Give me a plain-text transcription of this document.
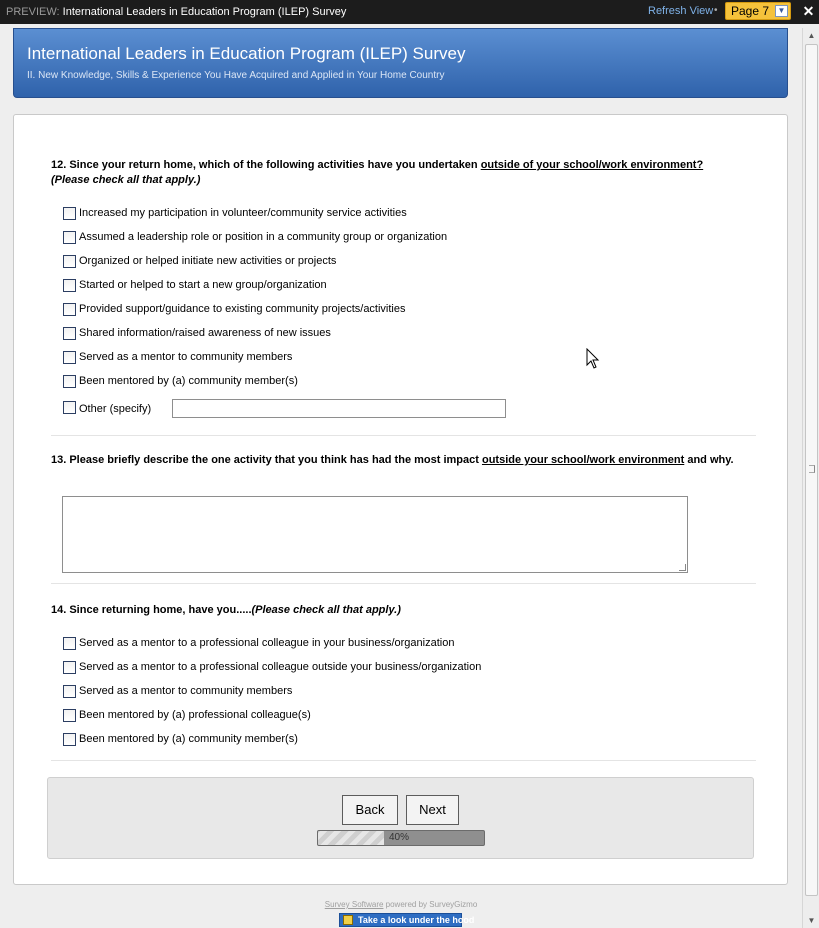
PREVIEW: International Leaders in Education Program (ILEP) Survey	Refresh View • Page 7	▼ ✕
▲
▼
International Leaders in Education Program (ILEP) Survey
II. New Knowledge, Skills & Experience You Have Acquired and Applied in Your Home Country
12. Since your return home, which of the following activities have you undertaken outside of your school/work environment?
(Please check all that apply.)
Increased my participation in volunteer/community service activities
Assumed a leadership role or position in a community group or organization
Organized or helped initiate new activities or projects
Started or helped to start a new group/organization
Provided support/guidance to existing community projects/activities
Shared information/raised awareness of new issues
Served as a mentor to community members
Been mentored by (a) community member(s)
Other (specify)
13. Please briefly describe the one activity that you think has had the most impact outside your school/work environment and why.
14. Since returning home, have you.....(Please check all that apply.)
Served as a mentor to a professional colleague in your business/organization
Served as a mentor to a professional colleague outside your business/organization
Served as a mentor to community members
Been mentored by (a) professional colleague(s)
Been mentored by (a) community member(s)
Back	Next
40%
Survey Software powered by SurveyGizmo
Take a look under the hood
